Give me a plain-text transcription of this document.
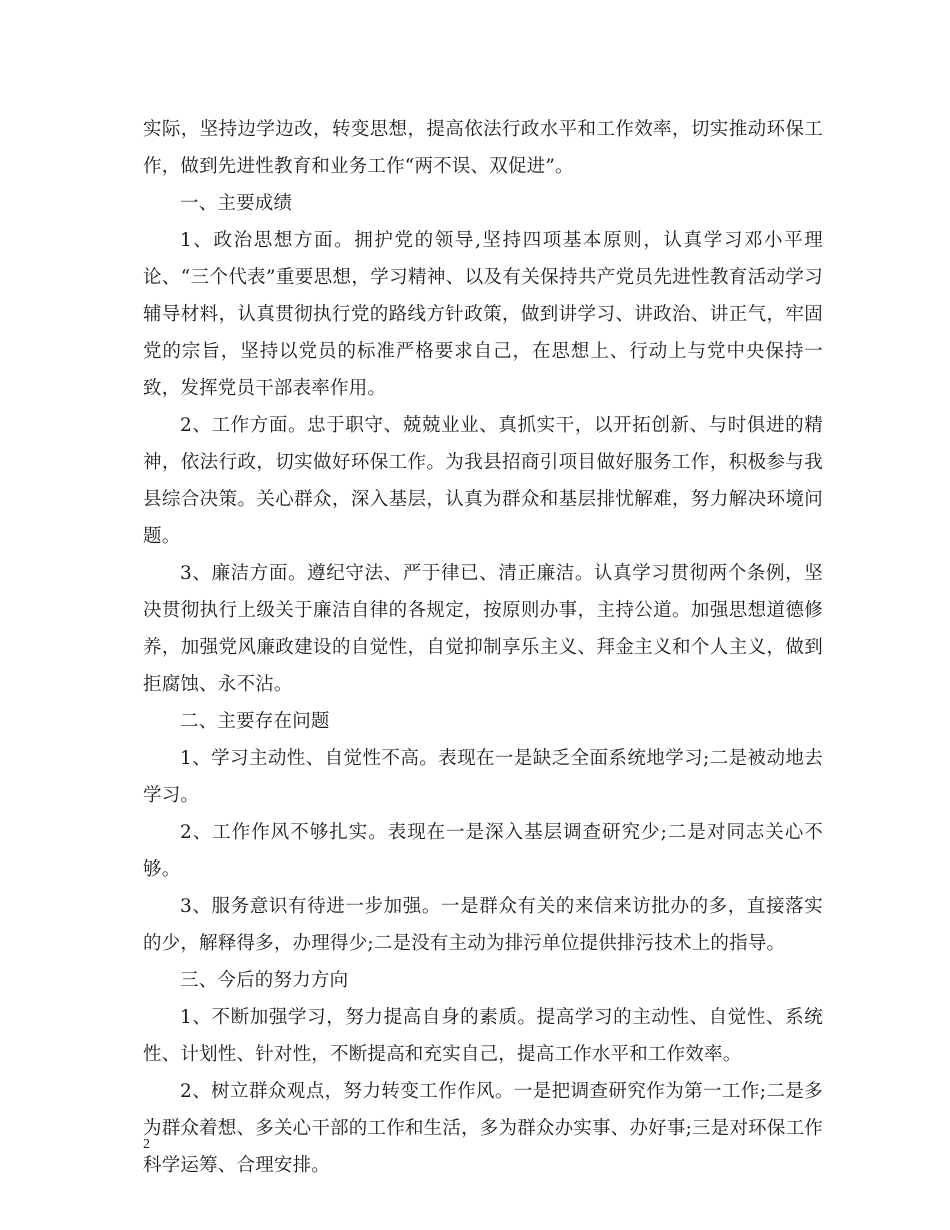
实际，坚持边学边改，转变思想，提高依法行政水平和工作效率，切实推动环保工作，做到先进性教育和业务工作“两不误、双促进”。

一、主要成绩

1、政治思想方面。拥护党的领导,坚持四项基本原则，认真学习邓小平理论、“三个代表”重要思想，学习精神、以及有关保持共产党员先进性教育活动学习辅导材料，认真贯彻执行党的路线方针政策，做到讲学习、讲政治、讲正气，牢固党的宗旨，坚持以党员的标准严格要求自己，在思想上、行动上与党中央保持一致，发挥党员干部表率作用。

2、工作方面。忠于职守、兢兢业业、真抓实干，以开拓创新、与时俱进的精神，依法行政，切实做好环保工作。为我县招商引项目做好服务工作，积极参与我县综合决策。关心群众，深入基层，认真为群众和基层排忧解难，努力解决环境问题。

3、廉洁方面。遵纪守法、严于律已、清正廉洁。认真学习贯彻两个条例，坚决贯彻执行上级关于廉洁自律的各规定，按原则办事，主持公道。加强思想道德修养，加强党风廉政建设的自觉性，自觉抑制享乐主义、拜金主义和个人主义，做到拒腐蚀、永不沾。

二、主要存在问题

1、学习主动性、自觉性不高。表现在一是缺乏全面系统地学习;二是被动地去学习。

2、工作作风不够扎实。表现在一是深入基层调查研究少;二是对同志关心不够。

3、服务意识有待进一步加强。一是群众有关的来信来访批办的多，直接落实的少，解释得多，办理得少;二是没有主动为排污单位提供排污技术上的指导。

三、今后的努力方向

1、不断加强学习，努力提高自身的素质。提高学习的主动性、自觉性、系统性、计划性、针对性，不断提高和充实自己，提高工作水平和工作效率。

2、树立群众观点，努力转变工作作风。一是把调查研究作为第一工作;二是多为群众着想、多关心干部的工作和生活，多为群众办实事、办好事;三是对环保工作科学运筹、合理安排。

2
